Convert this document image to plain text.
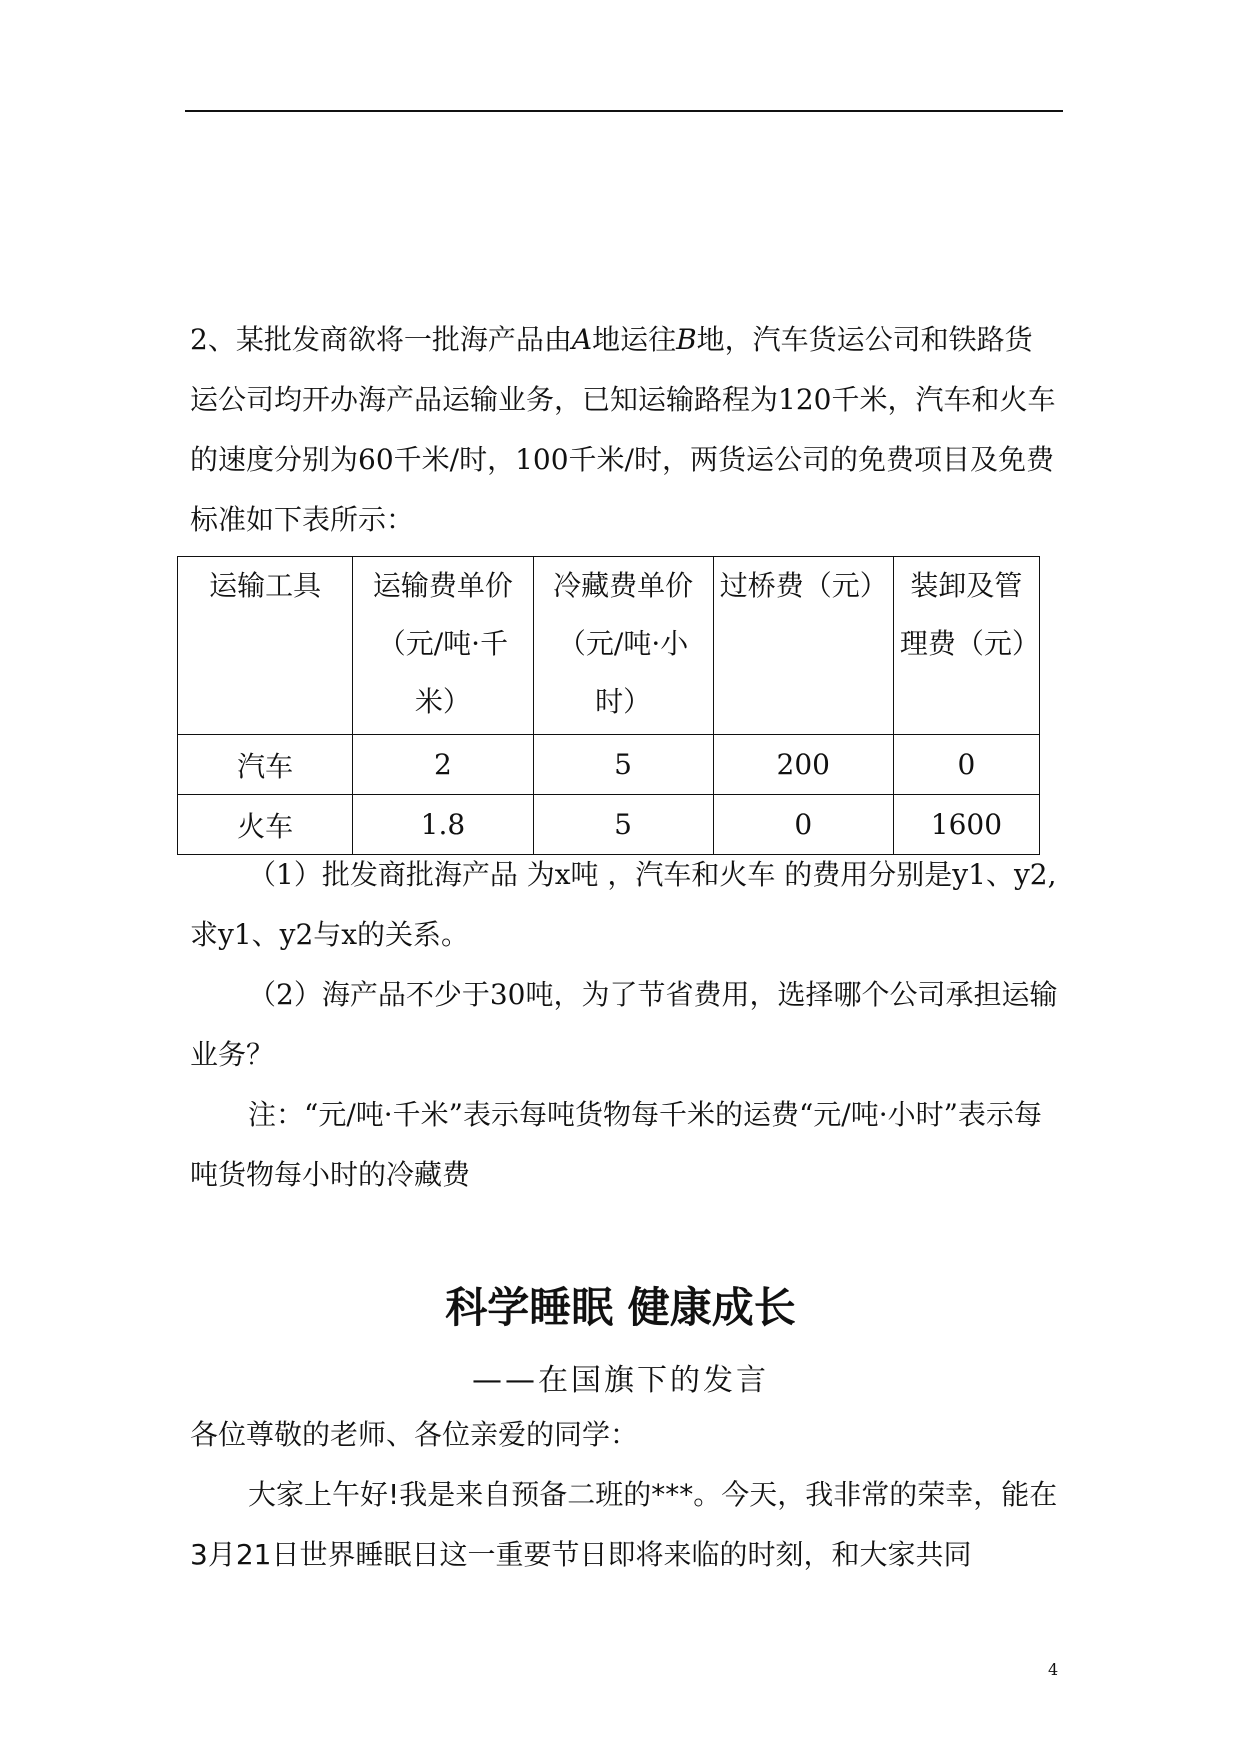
2、某批发商欲将一批海产品由A地运往B地，汽车货运公司和铁路货运公司均开办海产品运输业务，已知运输路程为120千米，汽车和火车的速度分别为60千米/时，100千米/时，两货运公司的免费项目及免费标准如下表所示：

运输工具	运输费单价（元/吨·千米）	冷藏费单价（元/吨·小时）	过桥费（元）	装卸及管理费（元）
汽车	2	5	200	0
火车	1.8	5	0	1600

（1）批发商批海产品 为x吨 ，汽车和火车 的费用分别是y1、y2,求y1、y2与x的关系。

（2）海产品不少于30吨，为了节省费用，选择哪个公司承担运输业务？

注：“元/吨·千米”表示每吨货物每千米的运费“元/吨·小时”表示每吨货物每小时的冷藏费

科学睡眠 健康成长
——在国旗下的发言

各位尊敬的老师、各位亲爱的同学：

大家上午好!我是来自预备二班的***。今天，我非常的荣幸，能在3月21日世界睡眠日这一重要节日即将来临的时刻，和大家共同

4
